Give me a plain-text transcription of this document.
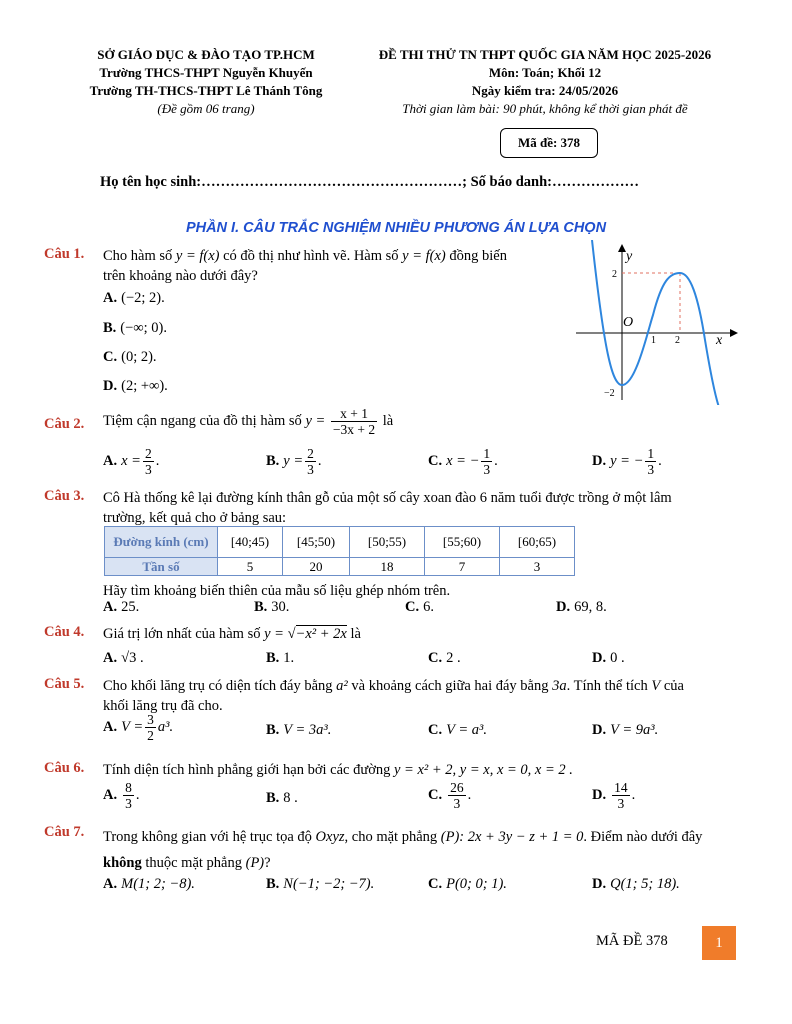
SỞ GIÁO DỤC & ĐÀO TẠO TP.HCM
Trường THCS-THPT Nguyễn Khuyến
Trường TH-THCS-THPT Lê Thánh Tông
(Đề gồm 06 trang)
ĐỀ THI THỬ TN THPT QUỐC GIA NĂM HỌC 2025-2026
Môn: Toán; Khối 12
Ngày kiểm tra: 24/05/2026
Thời gian làm bài: 90 phút, không kể thời gian phát đề
Mã đề: 378
Họ tên học sinh:………………………………………………; Số báo danh:………………
PHẦN I. CÂU TRẮC NGHIỆM NHIỀU PHƯƠNG ÁN LỰA CHỌN
Câu 1. Cho hàm số y = f(x) có đồ thị như hình vẽ. Hàm số y = f(x) đồng biến
trên khoảng nào dưới đây?
A. (−2; 2).
B. (−∞; 0).
C. (0; 2).
D. (2; +∞).
y
x
O
2
−2
1 2
Câu 2. Tiệm cận ngang của đồ thị hàm số $y = \frac{x + 1}{-3x + 2}$ là
A. $x = \frac{2}{3}$ .	B. $y = \frac{2}{3}$ .	C. x = − $\frac{1}{3}$ .	D. y = − $\frac{1}{3}$ .
Câu 3. Cô Hà thống kê lại đường kính thân gỗ của một số cây xoan đào 6 năm tuổi được trồng ở một lâm
trường, kết quả cho ở bảng sau:
Đường kính (cm)	[40;45)	[45;50)	[50;55)	[55;60)	[60;65)
Tần số	5	20	18	7	3
Hãy tìm khoảng biến thiên của mẫu số liệu ghép nhóm trên.
A. 25.	B. 30.	C. 6.	D. 69, 8.
Câu 4. Giá trị lớn nhất của hàm số y = √−x² + 2x là
A. √3 .	B. 1.	C. 2 .	D. 0 .
Câu 5. Cho khối lăng trụ có diện tích đáy bằng a² và khoảng cách giữa hai đáy bằng 3a. Tính thể tích V của
khối lăng trụ đã cho.
A. $V = \frac{3}{2} a^3$.	B. V = 3a³.	C. V = a³.	D. V = 9a³.
Câu 6. Tính diện tích hình phẳng giới hạn bởi các đường y = x² + 2, y = x, x = 0, x = 2 .
A. $\frac{8}{3}$ .	B. 8 .	C. $\frac{26}{3}$ .	D. $\frac{14}{3}$ .
Câu 7. Trong không gian với hệ trục tọa độ Oxyz, cho mặt phẳng (P): 2x + 3y − z + 1 = 0. Điểm nào dưới đây
không thuộc mặt phẳng (P)?
A. M(1; 2; −8).	B. N(−1; −2; −7).	C. P(0; 0; 1).	D. Q(1; 5; 18).
MÃ ĐỀ 378	1
